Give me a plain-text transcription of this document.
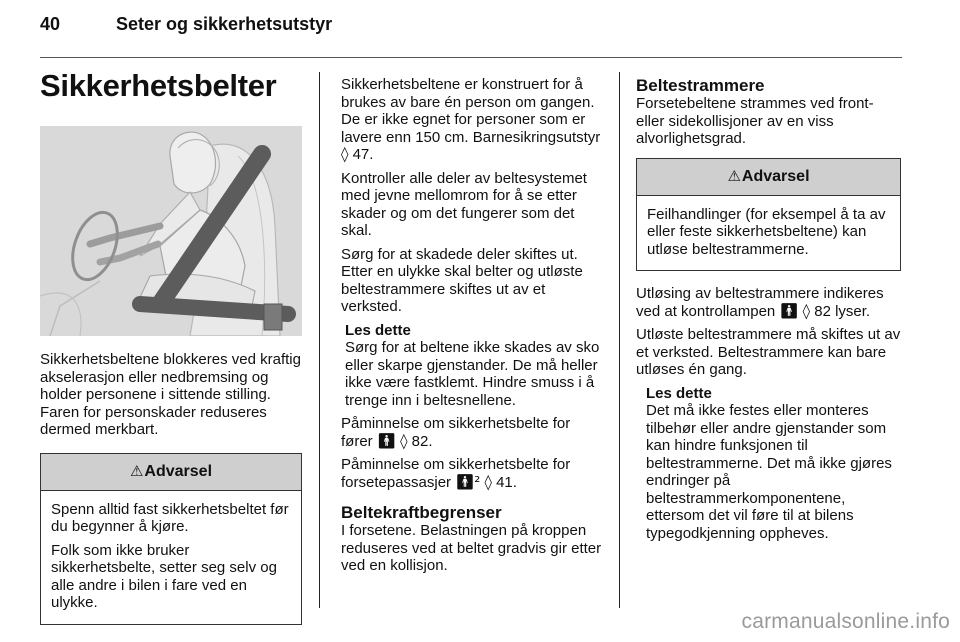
40	Seter og sikkerhetsutstyr
Sikkerhetsbelter

Sikkerhetsbeltene blokkeres ved kraftig akselerasjon eller nedbremsing og holder personene i sittende stilling. Faren for personskader reduseres dermed merkbart.

⚠ Advarsel

Spenn alltid fast sikkerhetsbeltet før du begynner å kjøre.

Folk som ikke bruker sikkerhetsbelte, setter seg selv og alle andre i bilen i fare ved en ulykke.

Sikkerhetsbeltene er konstruert for å brukes av bare én person om gangen. De er ikke egnet for personer som er lavere enn 150 cm. Barnesikringsutstyr ◊ 47.

Kontroller alle deler av beltesystemet med jevne mellomrom for å se etter skader og om det fungerer som det skal.

Sørg for at skadede deler skiftes ut. Etter en ulykke skal belter og utløste beltestrammere skiftes ut av et verksted.

Les dette

Sørg for at beltene ikke skades av sko eller skarpe gjenstander. De må heller ikke være fastklemt. Hindre smuss i å trenge inn i beltesnellene.

Påminnelse om sikkerhetsbelte for fører 🚹︎ ◊ 82.

Påminnelse om sikkerhetsbelte for forsetepassasjer 🚹︎² ◊ 41.

Beltekraftbegrenser

I forsetene. Belastningen på kroppen reduseres ved at beltet gradvis gir etter ved en kollisjon.

Beltestrammere

Forsetebeltene strammes ved front- eller sidekollisjoner av en viss alvorlighetsgrad.

⚠ Advarsel

Feilhandlinger (for eksempel å ta av eller feste sikkerhetsbeltene) kan utløse beltestrammerne.

Utløsing av beltestrammere indikeres ved at kontrollampen 🚹︎ ◊ 82 lyser.

Utløste beltestrammere må skiftes ut av et verksted. Beltestrammere kan bare utløses én gang.

Les dette

Det må ikke festes eller monteres tilbehør eller andre gjenstander som kan hindre funksjonen til beltestrammerne. Det må ikke gjøres endringer på beltestrammerkomponentene, ettersom det vil føre til at bilens typegodkjenning oppheves.

carmanualsonline.info
